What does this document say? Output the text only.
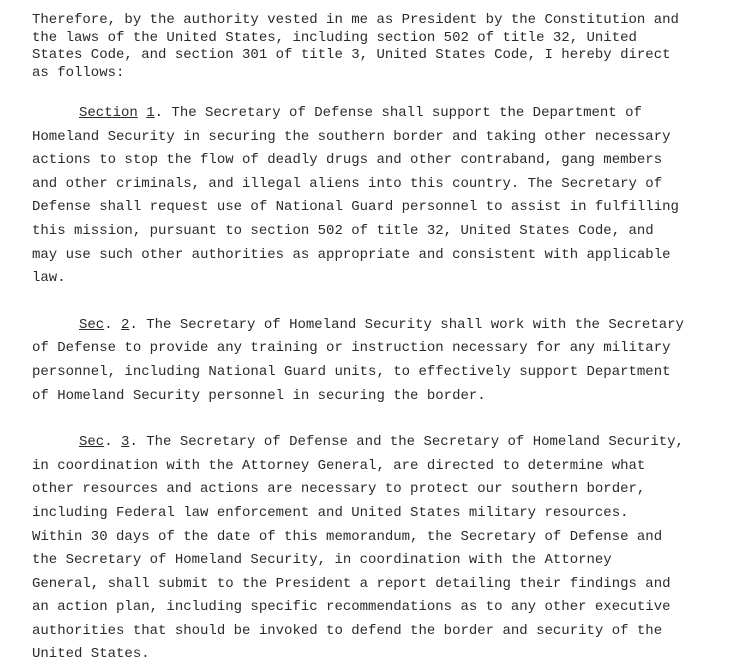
Therefore, by the authority vested in me as President by the Constitution and
the laws of the United States, including section 502 of title 32, United
States Code, and section 301 of title 3, United States Code, I hereby direct
as follows:
Section 1. The Secretary of Defense shall support the Department of
Homeland Security in securing the southern border and taking other necessary
actions to stop the flow of deadly drugs and other contraband, gang members
and other criminals, and illegal aliens into this country. The Secretary of
Defense shall request use of National Guard personnel to assist in fulfilling
this mission, pursuant to section 502 of title 32, United States Code, and
may use such other authorities as appropriate and consistent with applicable
law.
Sec. 2. The Secretary of Homeland Security shall work with the Secretary
of Defense to provide any training or instruction necessary for any military
personnel, including National Guard units, to effectively support Department
of Homeland Security personnel in securing the border.
Sec. 3. The Secretary of Defense and the Secretary of Homeland Security,
in coordination with the Attorney General, are directed to determine what
other resources and actions are necessary to protect our southern border,
including Federal law enforcement and United States military resources.
Within 30 days of the date of this memorandum, the Secretary of Defense and
the Secretary of Homeland Security, in coordination with the Attorney
General, shall submit to the President a report detailing their findings and
an action plan, including specific recommendations as to any other executive
authorities that should be invoked to defend the border and security of the
United States.
